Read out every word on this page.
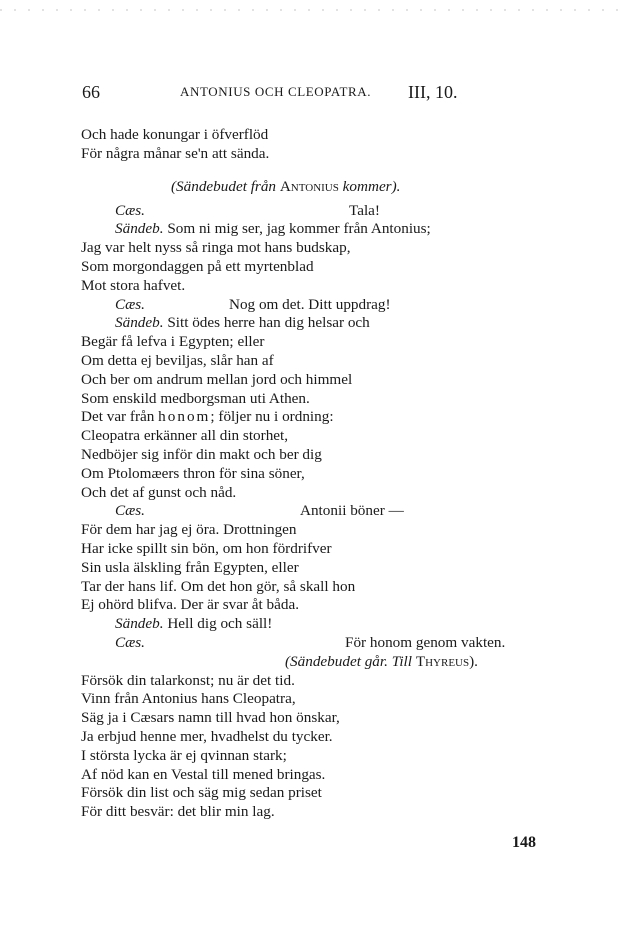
66	ANTONIUS OCH CLEOPATRA. III, 10.
Och hade konungar i öfverflöd
För några månar se'n att sända.
(Sändebudet från Antonius kommer).
Cæs.	Tala!
Sändeb. Som ni mig ser, jag kommer från Antonius;
Jag var helt nyss så ringa mot hans budskap,
Som morgondaggen på ett myrtenblad
Mot stora hafvet.
Cæs.	Nog om det. Ditt uppdrag!
Sändeb. Sitt ödes herre han dig helsar och
Begär få lefva i Egypten; eller
Om detta ej beviljas, slår han af
Och ber om andrum mellan jord och himmel
Som enskild medborgsman uti Athen.
Det var från honom; följer nu i ordning:
Cleopatra erkänner all din storhet,
Nedböjer sig inför din makt och ber dig
Om Ptolomæers thron för sina söner,
Och det af gunst och nåd.
Cæs.	Antonii böner —
För dem har jag ej öra. Drottningen
Har icke spillt sin bön, om hon fördrifver
Sin usla älskling från Egypten, eller
Tar der hans lif. Om det hon gör, så skall hon
Ej ohörd blifva. Der är svar åt båda.
Sändeb. Hell dig och säll!
Cæs.	För honom genom vakten.
(Sändebudet går. Till Thyreus).
Försök din talarkonst; nu är det tid.
Vinn från Antonius hans Cleopatra,
Säg ja i Cæsars namn till hvad hon önskar,
Ja erbjud henne mer, hvadhelst du tycker.
I största lycka är ej qvinnan stark;
Af nöd kan en Vestal till mened bringas.
Försök din list och säg mig sedan priset
För ditt besvär: det blir min lag.
148
